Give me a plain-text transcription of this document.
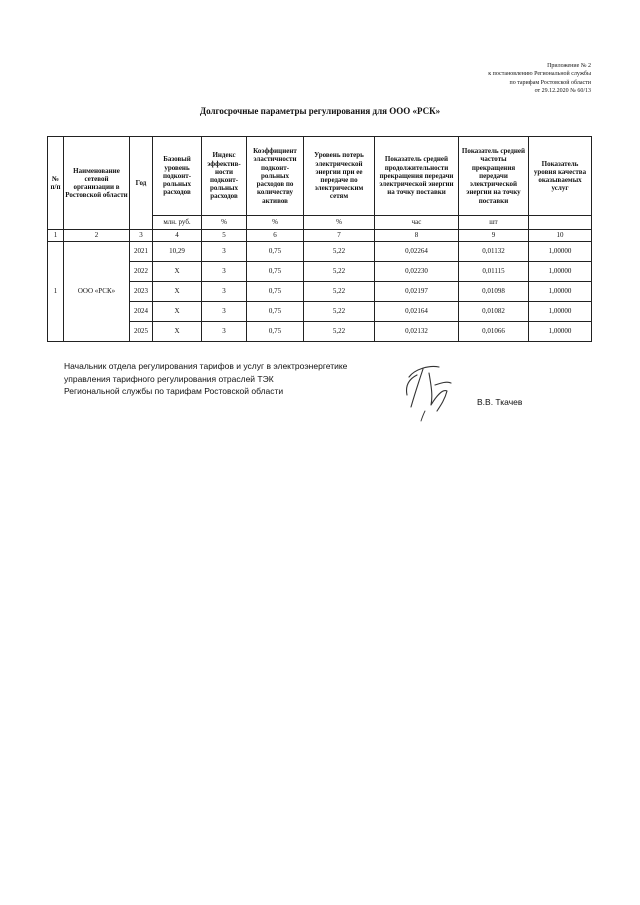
Приложение № 2
к постановлению Региональной службы
по тарифам Ростовской области
от 29.12.2020 № 60/13
Долгосрочные параметры регулирования для ООО «РСК»
№ п/п	Наименование сетевой организации в Ростовской области	Год	Базовый уровень подконт-рольных расходов	Индекс эффектив-ности подконт-рольных расходов	Коэффициент эластичности подконт-рольных расходов по количеству активов	Уровень потерь электрической энергии при ее передаче по электрическим сетям	Показатель средней продолжительности прекращения передачи электрической энергии на точку поставки	Показатель средней частоты прекращения передачи электрической энергии на точку поставки	Показатель уровня качества оказываемых услуг
			млн. руб.	%	%	%	час	шт	
1	2	3	4	5	6	7	8	9	10
1	ООО «РСК»	2021	10,29	3	0,75	5,22	0,02264	0,01132	1,00000
		2022	X	3	0,75	5,22	0,02230	0,01115	1,00000
		2023	X	3	0,75	5,22	0,02197	0,01098	1,00000
		2024	X	3	0,75	5,22	0,02164	0,01082	1,00000
		2025	X	3	0,75	5,22	0,02132	0,01066	1,00000
Начальник отдела регулирования тарифов и услуг в электроэнергетике
управления тарифного регулирования отраслей ТЭК
Региональной службы по тарифам Ростовской области
В.В. Ткачев
